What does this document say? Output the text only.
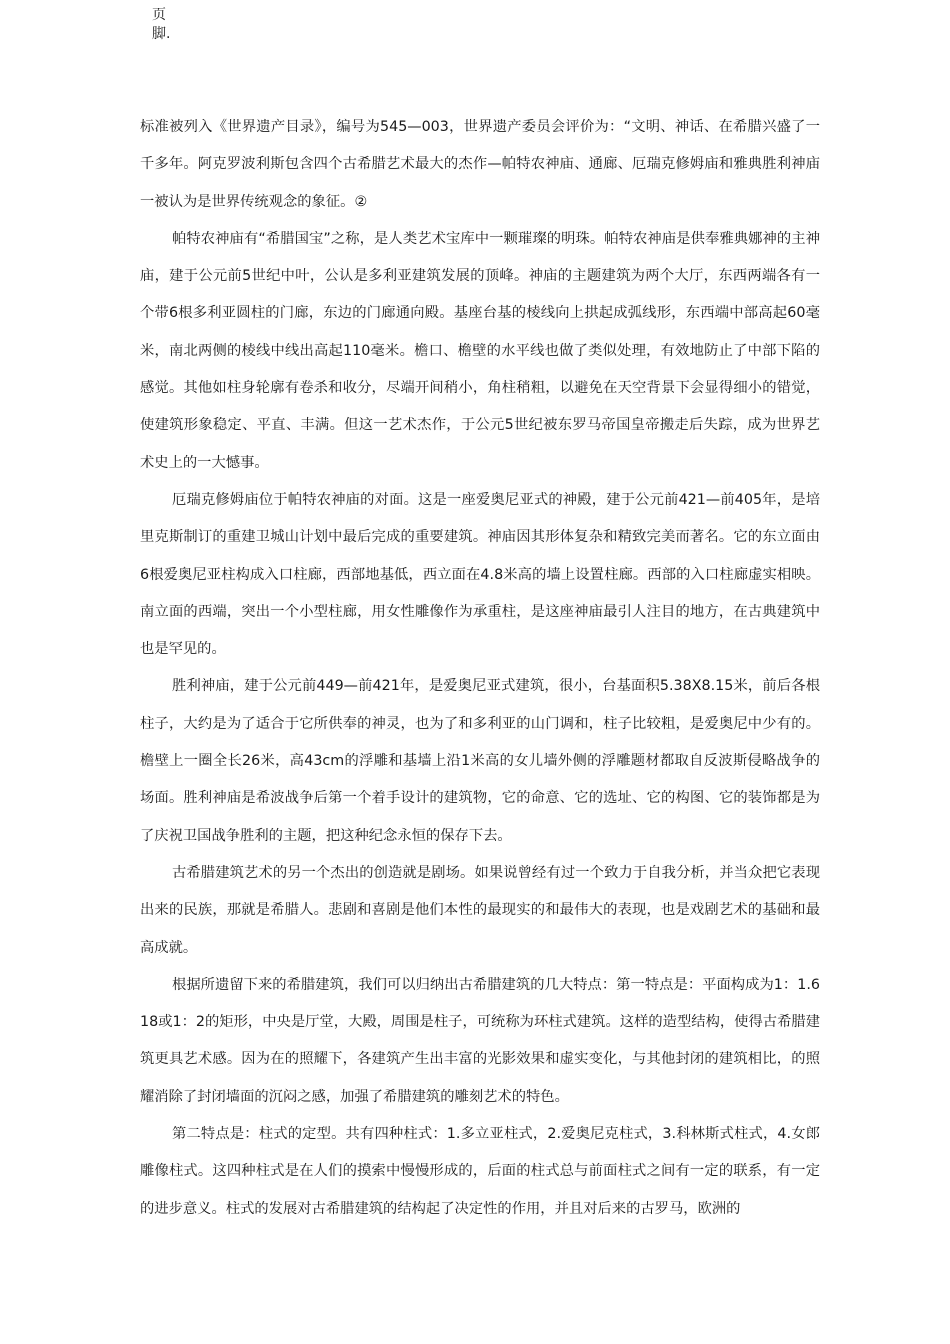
页
脚.

标准被列入《世界遗产目录》，编号为545—003，世界遗产委员会评价为：“文明、神话、在希腊兴盛了一千多年。阿克罗波利斯包含四个古希腊艺术最大的杰作—帕特农神庙、通廊、厄瑞克修姆庙和雅典胜利神庙一被认为是世界传统观念的象征。②

帕特农神庙有“希腊国宝”之称，是人类艺术宝库中一颗璀璨的明珠。帕特农神庙是供奉雅典娜神的主神庙，建于公元前5世纪中叶，公认是多利亚建筑发展的顶峰。神庙的主题建筑为两个大厅，东西两端各有一个带6根多利亚圆柱的门廊，东边的门廊通向殿。基座台基的棱线向上拱起成弧线形，东西端中部高起60毫米，南北两侧的棱线中线出高起110毫米。檐口、檐壁的水平线也做了类似处理，有效地防止了中部下陷的感觉。其他如柱身轮廓有卷杀和收分，尽端开间稍小，角柱稍粗，以避免在天空背景下会显得细小的错觉，使建筑形象稳定、平直、丰满。但这一艺术杰作，于公元5世纪被东罗马帝国皇帝搬走后失踪，成为世界艺术史上的一大憾事。

厄瑞克修姆庙位于帕特农神庙的对面。这是一座爱奥尼亚式的神殿，建于公元前421—前405年，是培里克斯制订的重建卫城山计划中最后完成的重要建筑。神庙因其形体复杂和精致完美而著名。它的东立面由6根爱奥尼亚柱构成入口柱廊，西部地基低，西立面在4.8米高的墙上设置柱廊。西部的入口柱廊虚实相映。南立面的西端，突出一个小型柱廊，用女性雕像作为承重柱，是这座神庙最引人注目的地方，在古典建筑中也是罕见的。

胜利神庙，建于公元前449—前421年，是爱奥尼亚式建筑，很小，台基面积5.38X8.15米，前后各根柱子，大约是为了适合于它所供奉的神灵，也为了和多利亚的山门调和，柱子比较粗，是爱奥尼中少有的。檐壁上一圈全长26米，高43cm的浮雕和基墙上沿1米高的女儿墙外侧的浮雕题材都取自反波斯侵略战争的场面。胜利神庙是希波战争后第一个着手设计的建筑物，它的命意、它的选址、它的构图、它的装饰都是为了庆祝卫国战争胜利的主题，把这种纪念永恒的保存下去。

古希腊建筑艺术的另一个杰出的创造就是剧场。如果说曾经有过一个致力于自我分析，并当众把它表现出来的民族，那就是希腊人。悲剧和喜剧是他们本性的最现实的和最伟大的表现，也是戏剧艺术的基础和最高成就。

根据所遗留下来的希腊建筑，我们可以归纳出古希腊建筑的几大特点：第一特点是：平面构成为1：1.618或1：2的矩形，中央是厅堂，大殿，周围是柱子，可统称为环柱式建筑。这样的造型结构，使得古希腊建筑更具艺术感。因为在的照耀下，各建筑产生出丰富的光影效果和虚实变化，与其他封闭的建筑相比，的照耀消除了封闭墙面的沉闷之感，加强了希腊建筑的雕刻艺术的特色。

第二特点是：柱式的定型。共有四种柱式：1.多立亚柱式，2.爱奥尼克柱式，3.科林斯式柱式，4.女郎雕像柱式。这四种柱式是在人们的摸索中慢慢形成的，后面的柱式总与前面柱式之间有一定的联系，有一定的进步意义。柱式的发展对古希腊建筑的结构起了决定性的作用，并且对后来的古罗马，欧洲的
